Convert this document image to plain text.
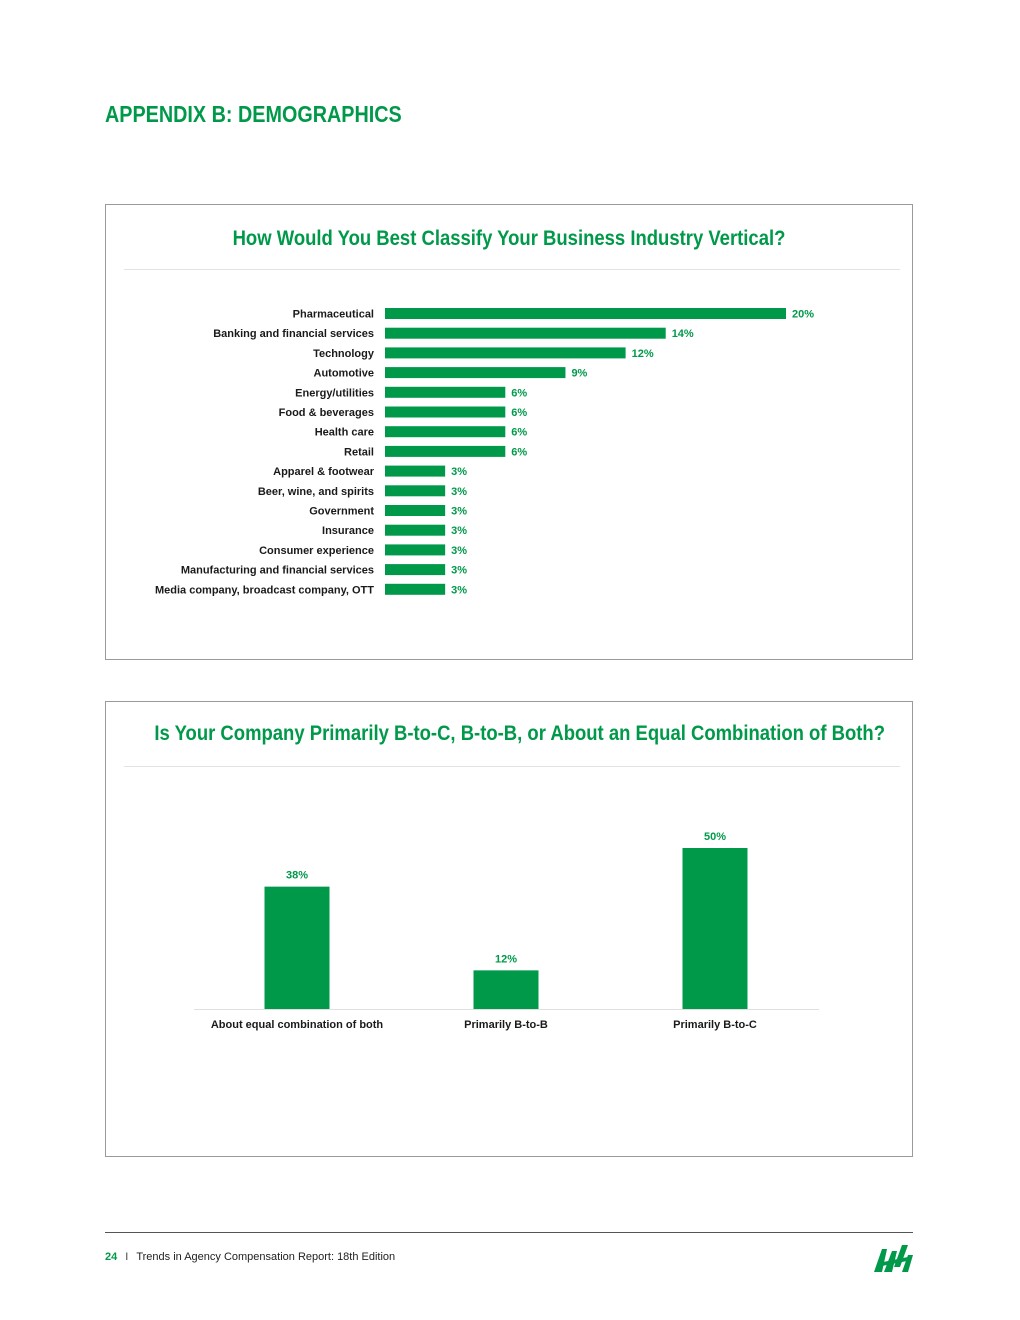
APPENDIX B: DEMOGRAPHICS
How Would You Best Classify Your Business Industry Vertical?
Pharmaceutical	20%
Banking and financial services	14%
Technology	12%
Automotive	9%
Energy/utilities	6%
Food & beverages	6%
Health care	6%
Retail	6%
Apparel & footwear	3%
Beer, wine, and spirits	3%
Government	3%
Insurance	3%
Consumer experience	3%
Manufacturing and financial services	3%
Media company, broadcast company, OTT	3%
Is Your Company Primarily B-to-C, B-to-B, or About an Equal Combination of Both?
38%
About equal combination of both
12%
Primarily B-to-B
50%
Primarily B-to-C
24 I Trends in Agency Compensation Report: 18th Edition
